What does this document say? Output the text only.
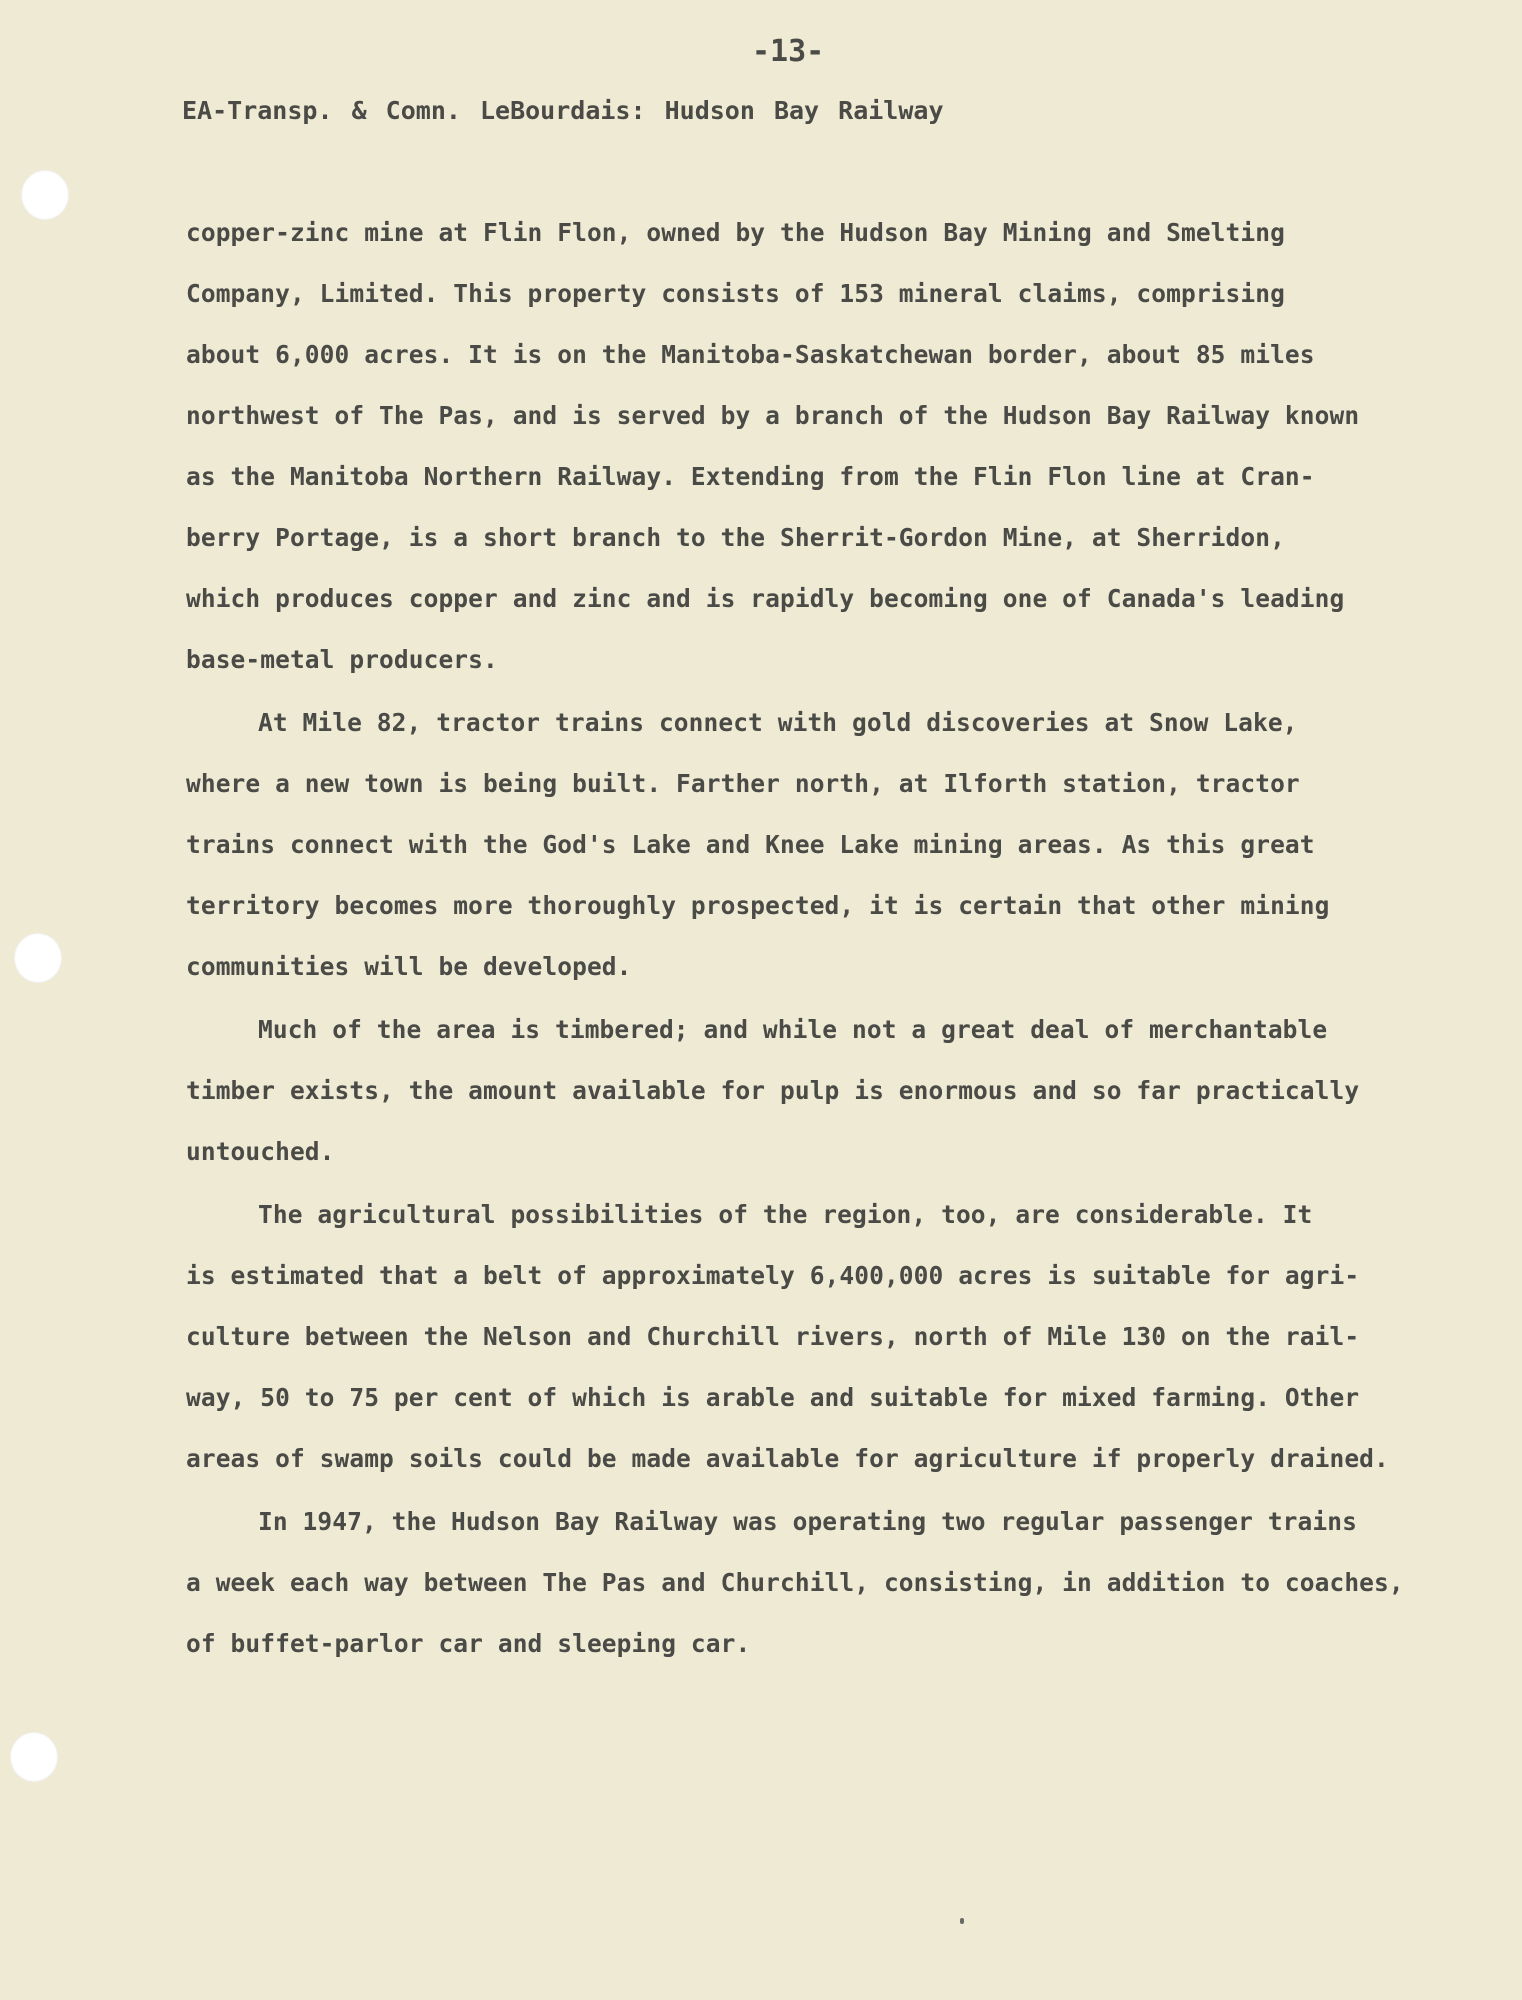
-13-
EA-Transp. & Comn. LeBourdais: Hudson Bay Railway
copper-zinc mine at Flin Flon, owned by the Hudson Bay Mining and Smelting
Company, Limited. This property consists of 153 mineral claims, comprising
about 6,000 acres. It is on the Manitoba-Saskatchewan border, about 85 miles
northwest of The Pas, and is served by a branch of the Hudson Bay Railway known
as the Manitoba Northern Railway. Extending from the Flin Flon line at Cran-
berry Portage, is a short branch to the Sherrit-Gordon Mine, at Sherridon,
which produces copper and zinc and is rapidly becoming one of Canada's leading
base-metal producers.
At Mile 82, tractor trains connect with gold discoveries at Snow Lake,
where a new town is being built. Farther north, at Ilforth station, tractor
trains connect with the God's Lake and Knee Lake mining areas. As this great
territory becomes more thoroughly prospected, it is certain that other mining
communities will be developed.
Much of the area is timbered; and while not a great deal of merchantable
timber exists, the amount available for pulp is enormous and so far practically
untouched.
The agricultural possibilities of the region, too, are considerable. It
is estimated that a belt of approximately 6,400,000 acres is suitable for agri-
culture between the Nelson and Churchill rivers, north of Mile 130 on the rail-
way, 50 to 75 per cent of which is arable and suitable for mixed farming. Other
areas of swamp soils could be made available for agriculture if properly drained.
In 1947, the Hudson Bay Railway was operating two regular passenger trains
a week each way between The Pas and Churchill, consisting, in addition to coaches,
of buffet-parlor car and sleeping car.
